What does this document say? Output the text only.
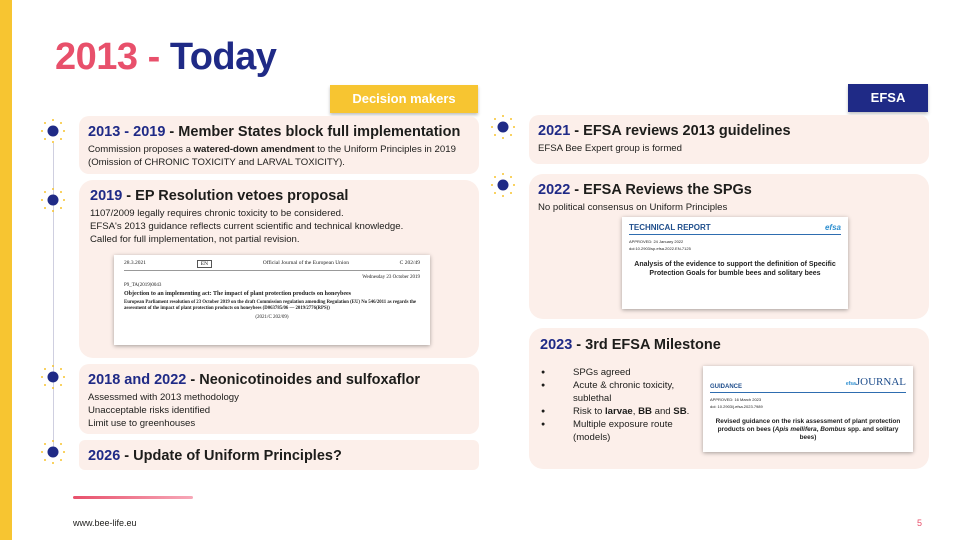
2013 - Today
Decision makers	EFSA
2013 - 2019 - Member States block full implementation
Commission proposes a watered-down amendment to the Uniform Principles in 2019 (Omission of CHRONIC TOXICITY and LARVAL TOXICITY).
2019 - EP Resolution vetoes proposal
1107/2009 legally requires chronic toxicity to be considered.
EFSA's 2013 guidance reflects current scientific and technical knowledge.
Called for full implementation, not partial revision.
28.3.2021	EN	Official Journal of the European Union	C 202/49
Wednesday 23 October 2019
P9_TA(2019)0043
Objection to an implementing act: The impact of plant protection products on honeybees
European Parliament resolution of 23 October 2019 on the draft Commission regulation amending Regulation (EU) No 546/2011 as regards the assessment of the impact of plant protection products on honeybees (D063785/06 — 2019/2776(RPS))
(2021/C 202/09)
2018 and 2022 - Neonicotinoides and sulfoxaflor
Assessmed with 2013 methodology
Unacceptable risks identified
Limit use to greenhouses
2026 - Update of Uniform Principles?
2021 - EFSA reviews 2013 guidelines
EFSA Bee Expert group is formed
2022 - EFSA Reviews the SPGs
No political consensus on Uniform Principles
TECHNICAL REPORT	efsa
APPROVED: 24 January 2022
doi:10.2903/sp.efsa.2022.EN-7125
Analysis of the evidence to support the definition of Specific Protection Goals for bumble bees and solitary bees
2023 - 3rd EFSA Milestone
● SPGs agreed
● Acute & chronic toxicity, sublethal
● Risk to larvae, BB and SB.
● Multiple exposure route (models)
GUIDANCE	efsaJOURNAL
APPROVED: 16 March 2023
doi: 10.2903/j.efsa.2023.7989
Revised guidance on the risk assessment of plant protection products on bees (Apis mellifera, Bombus spp. and solitary bees)
www.bee-life.eu	5
